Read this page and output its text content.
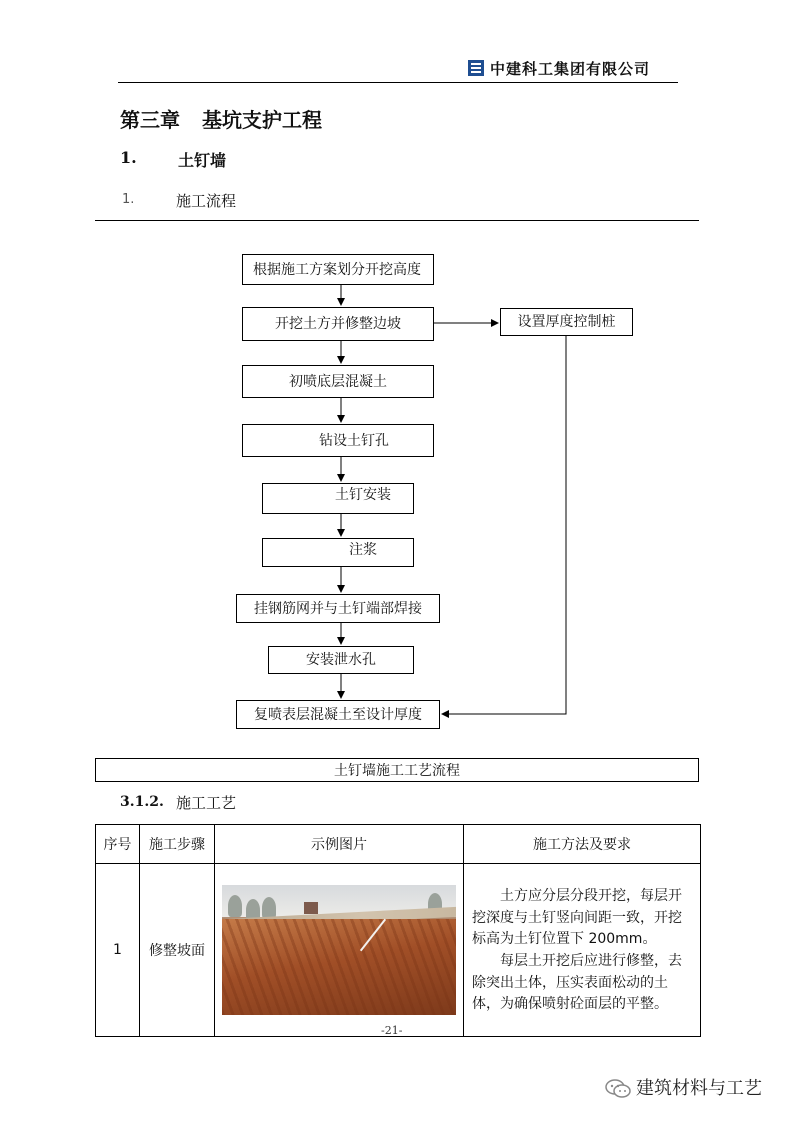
中建科工集团有限公司
第三章 基坑支护工程
1.	土钉墙
1.	施工流程
根据施工方案划分开挖高度
开挖土方并修整边坡
初喷底层混凝土
钻设土钉孔
土钉安装
注浆
挂钢筋网并与土钉端部焊接
安装泄水孔
复喷表层混凝土至设计厚度
设置厚度控制桩
土钉墙施工工艺流程
3.1.2. 施工工艺
序号	施工步骤	示例图片	施工方法及要求
1	修整坡面		土方应分层分段开挖，每层开挖深度与土钉竖向间距一致，开挖标高为土钉位置下 200mm。

每层土开挖后应进行修整，去除突出土体，压实表面松动的土体，为确保喷射砼面层的平整。

-21-
建筑材料与工艺
